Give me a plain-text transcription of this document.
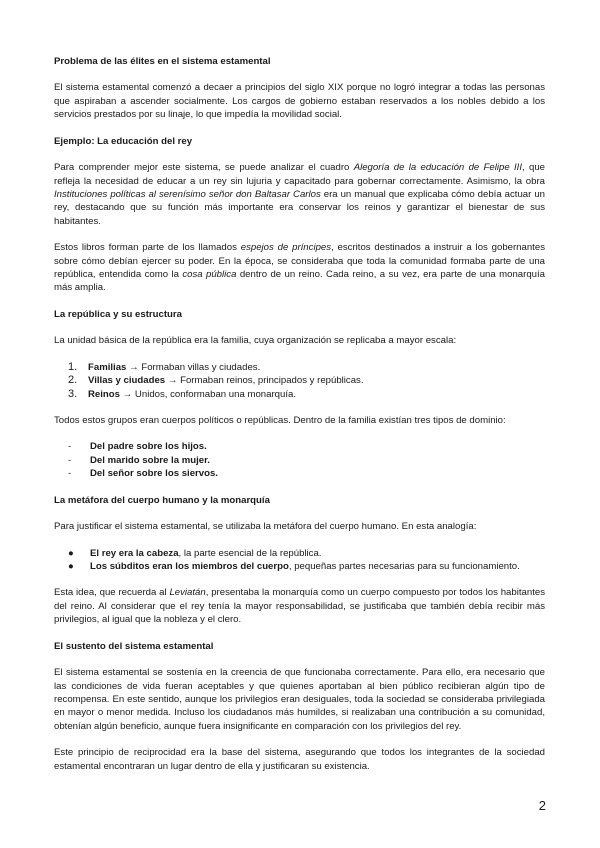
Problema de las élites en el sistema estamental

El sistema estamental comenzó a decaer a principios del siglo XIX porque no logró integrar a todas las personas que aspiraban a ascender socialmente. Los cargos de gobierno estaban reservados a los nobles debido a los servicios prestados por su linaje, lo que impedía la movilidad social.

Ejemplo: La educación del rey

Para comprender mejor este sistema, se puede analizar el cuadro Alegoría de la educación de Felipe III, que refleja la necesidad de educar a un rey sin lujuria y capacitado para gobernar correctamente. Asimismo, la obra Instituciones políticas al serenísimo señor don Baltasar Carlos era un manual que explicaba cómo debía actuar un rey, destacando que su función más importante era conservar los reinos y garantizar el bienestar de sus habitantes.

Estos libros forman parte de los llamados espejos de príncipes, escritos destinados a instruir a los gobernantes sobre cómo debían ejercer su poder. En la época, se consideraba que toda la comunidad formaba parte de una república, entendida como la cosa pública dentro de un reino. Cada reino, a su vez, era parte de una monarquía más amplia.

La república y su estructura

La unidad básica de la república era la familia, cuya organización se replicaba a mayor escala:

1.	Familias → Formaban villas y ciudades.
2.	Villas y ciudades → Formaban reinos, principados y repúblicas.
3.	Reinos → Unidos, conformaban una monarquía.

Todos estos grupos eran cuerpos políticos o repúblicas. Dentro de la familia existían tres tipos de dominio:

-	Del padre sobre los hijos.
-	Del marido sobre la mujer.
-	Del señor sobre los siervos.
La metáfora del cuerpo humano y la monarquía

Para justificar el sistema estamental, se utilizaba la metáfora del cuerpo humano. En esta analogía:

●	El rey era la cabeza, la parte esencial de la república.
●	Los súbditos eran los miembros del cuerpo, pequeñas partes necesarias para su funcionamiento.

Esta idea, que recuerda al Leviatán, presentaba la monarquía como un cuerpo compuesto por todos los habitantes del reino. Al considerar que el rey tenía la mayor responsabilidad, se justificaba que también debía recibir más privilegios, al igual que la nobleza y el clero.

El sustento del sistema estamental

El sistema estamental se sostenía en la creencia de que funcionaba correctamente. Para ello, era necesario que las condiciones de vida fueran aceptables y que quienes aportaban al bien público recibieran algún tipo de recompensa. En este sentido, aunque los privilegios eran desiguales, toda la sociedad se consideraba privilegiada en mayor o menor medida. Incluso los ciudadanos más humildes, si realizaban una contribución a su comunidad, obtenían algún beneficio, aunque fuera insignificante en comparación con los privilegios del rey.

Este principio de reciprocidad era la base del sistema, asegurando que todos los integrantes de la sociedad estamental encontraran un lugar dentro de ella y justificaran su existencia.

2
